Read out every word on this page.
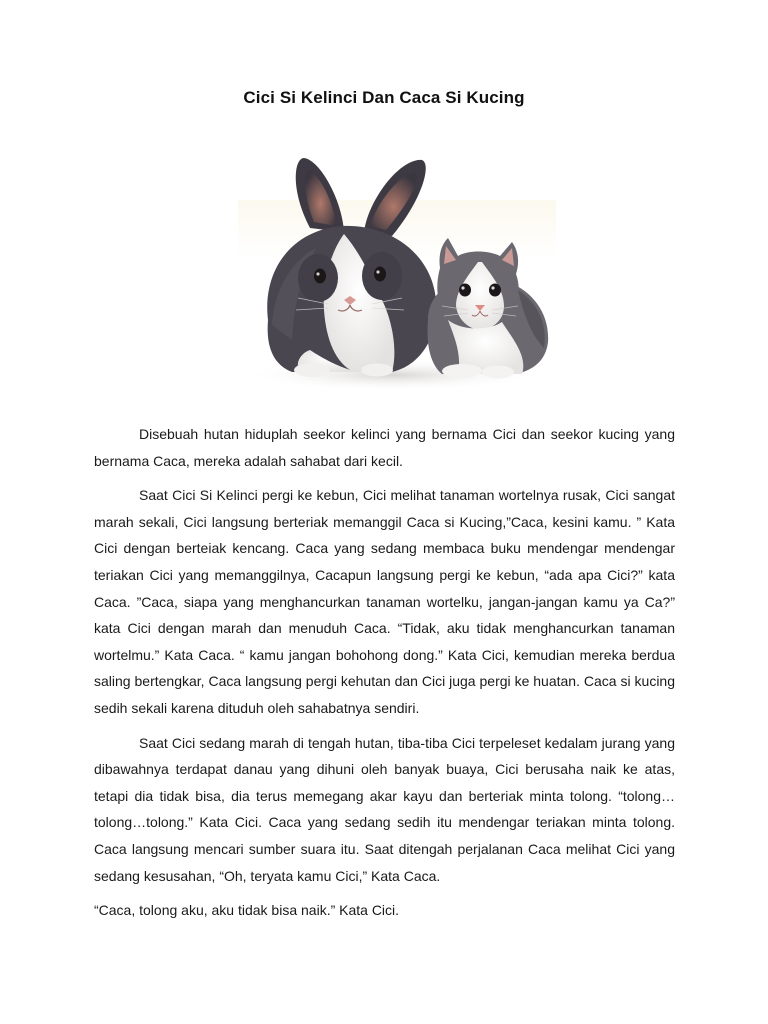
Cici Si Kelinci Dan Caca Si Kucing

Disebuah hutan hiduplah seekor kelinci yang bernama Cici dan seekor kucing yang bernama Caca, mereka adalah sahabat dari kecil.

Saat Cici Si Kelinci pergi ke kebun, Cici melihat tanaman wortelnya rusak, Cici sangat marah sekali, Cici langsung berteriak memanggil Caca si Kucing,”Caca, kesini kamu. ” Kata Cici dengan berteiak kencang. Caca yang sedang membaca buku mendengar mendengar teriakan Cici yang memanggilnya, Cacapun langsung pergi ke kebun, “ada apa Cici?” kata Caca. ”Caca, siapa yang menghancurkan tanaman wortelku, jangan-jangan kamu ya Ca?” kata Cici dengan marah dan menuduh Caca. “Tidak, aku tidak menghancurkan tanaman wortelmu.” Kata Caca. “ kamu jangan bohohong dong.” Kata Cici, kemudian mereka berdua saling bertengkar, Caca langsung pergi kehutan dan Cici juga pergi ke huatan. Caca si kucing sedih sekali karena dituduh oleh sahabatnya sendiri.

Saat Cici sedang marah di tengah hutan, tiba-tiba Cici terpeleset kedalam jurang yang dibawahnya terdapat danau yang dihuni oleh banyak buaya, Cici berusaha naik ke atas, tetapi dia tidak bisa, dia terus memegang akar kayu dan berteriak minta tolong. “tolong…tolong…tolong.” Kata Cici. Caca yang sedang sedih itu mendengar teriakan minta tolong. Caca langsung mencari sumber suara itu. Saat ditengah perjalanan Caca melihat Cici yang sedang kesusahan, “Oh, teryata kamu Cici,” Kata Caca.

“Caca, tolong aku, aku tidak bisa naik.” Kata Cici.
